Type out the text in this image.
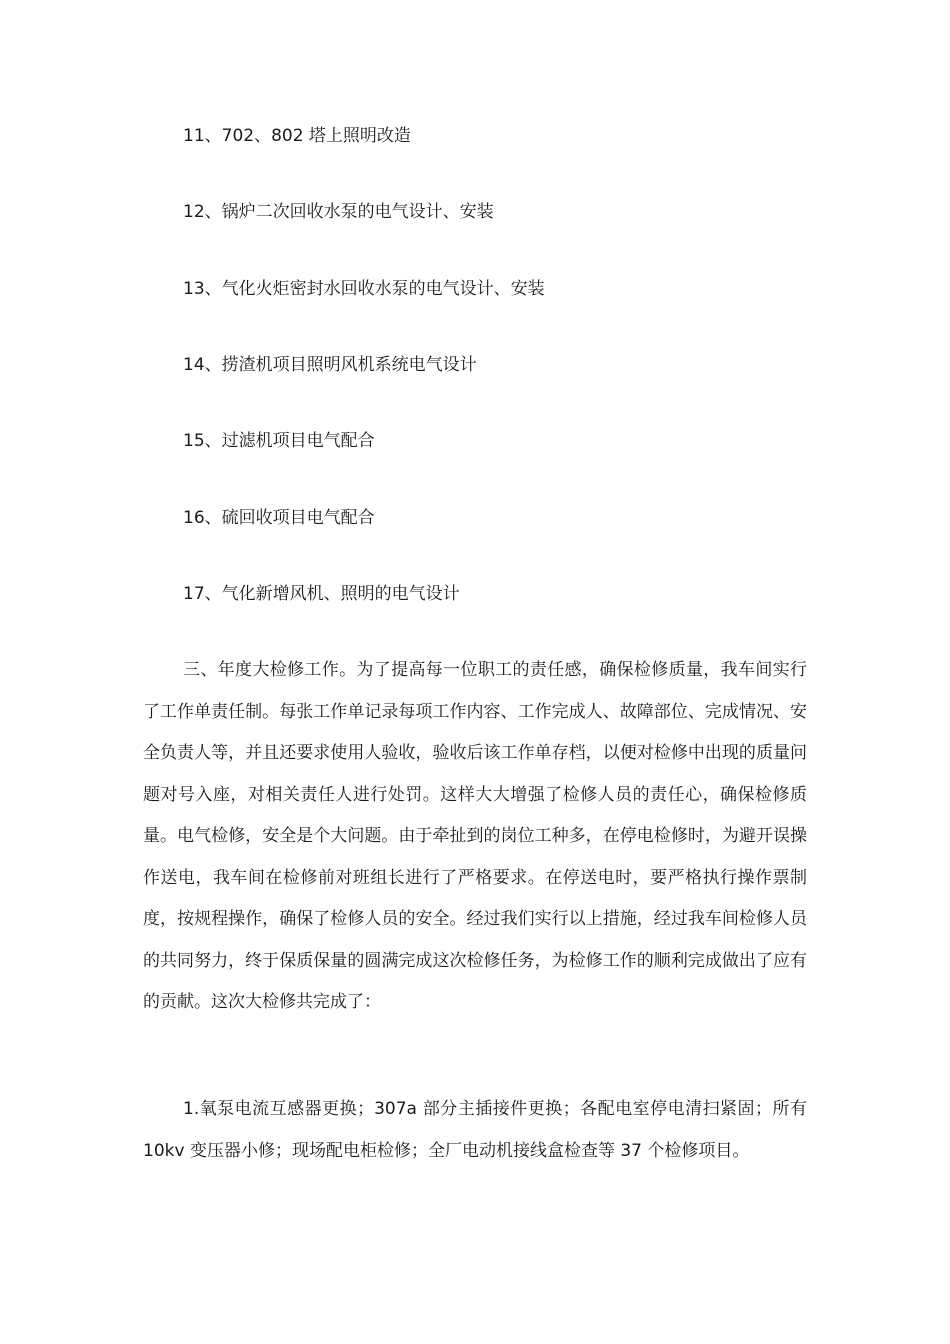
11、702、802 塔上照明改造
12、锅炉二次回收水泵的电气设计、安装
13、气化火炬密封水回收水泵的电气设计、安装
14、捞渣机项目照明风机系统电气设计
15、过滤机项目电气配合
16、硫回收项目电气配合
17、气化新增风机、照明的电气设计

三、年度大检修工作。为了提高每一位职工的责任感，确保检修质量，我车间实行了工作单责任制。每张工作单记录每项工作内容、工作完成人、故障部位、完成情况、安全负责人等，并且还要求使用人验收，验收后该工作单存档，以便对检修中出现的质量问题对号入座，对相关责任人进行处罚。这样大大增强了检修人员的责任心，确保检修质量。电气检修，安全是个大问题。由于牵扯到的岗位工种多，在停电检修时，为避开误操作送电，我车间在检修前对班组长进行了严格要求。在停送电时，要严格执行操作票制度，按规程操作，确保了检修人员的安全。经过我们实行以上措施，经过我车间检修人员的共同努力，终于保质保量的圆满完成这次检修任务，为检修工作的顺利完成做出了应有的贡献。这次大检修共完成了：

1.氧泵电流互感器更换；307a 部分主插接件更换；各配电室停电清扫紧固；所有 10kv 变压器小修；现场配电柜检修；全厂电动机接线盒检查等 37 个检修项目。
